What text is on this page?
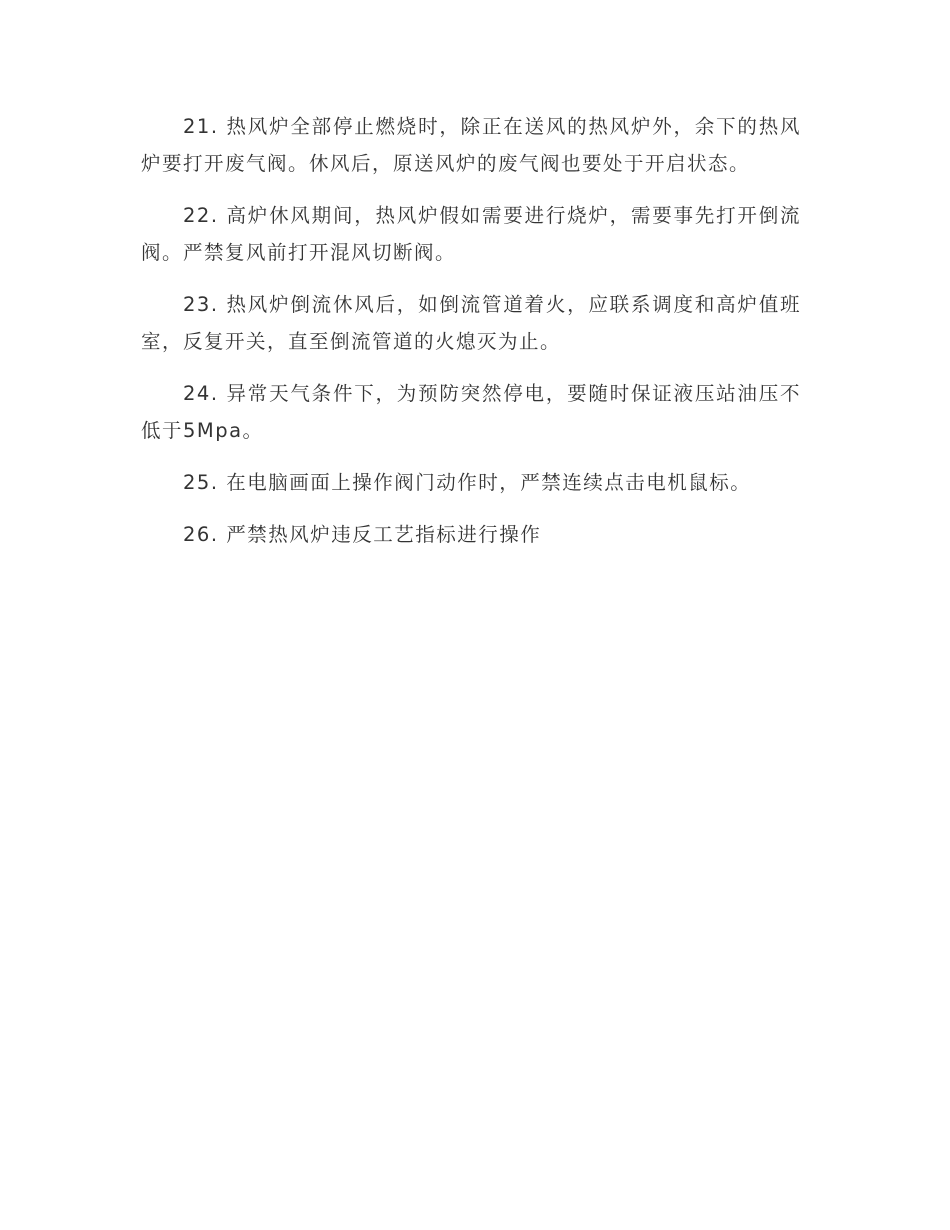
21. 热风炉全部停止燃烧时，除正在送风的热风炉外，余下的热风炉要打开废气阀。休风后，原送风炉的废气阀也要处于开启状态。

22. 高炉休风期间，热风炉假如需要进行烧炉，需要事先打开倒流阀。严禁复风前打开混风切断阀。

23. 热风炉倒流休风后，如倒流管道着火，应联系调度和高炉值班室，反复开关，直至倒流管道的火熄灭为止。

24. 异常天气条件下，为预防突然停电，要随时保证液压站油压不低于5Mpa。

25. 在电脑画面上操作阀门动作时，严禁连续点击电机鼠标。

26. 严禁热风炉违反工艺指标进行操作
